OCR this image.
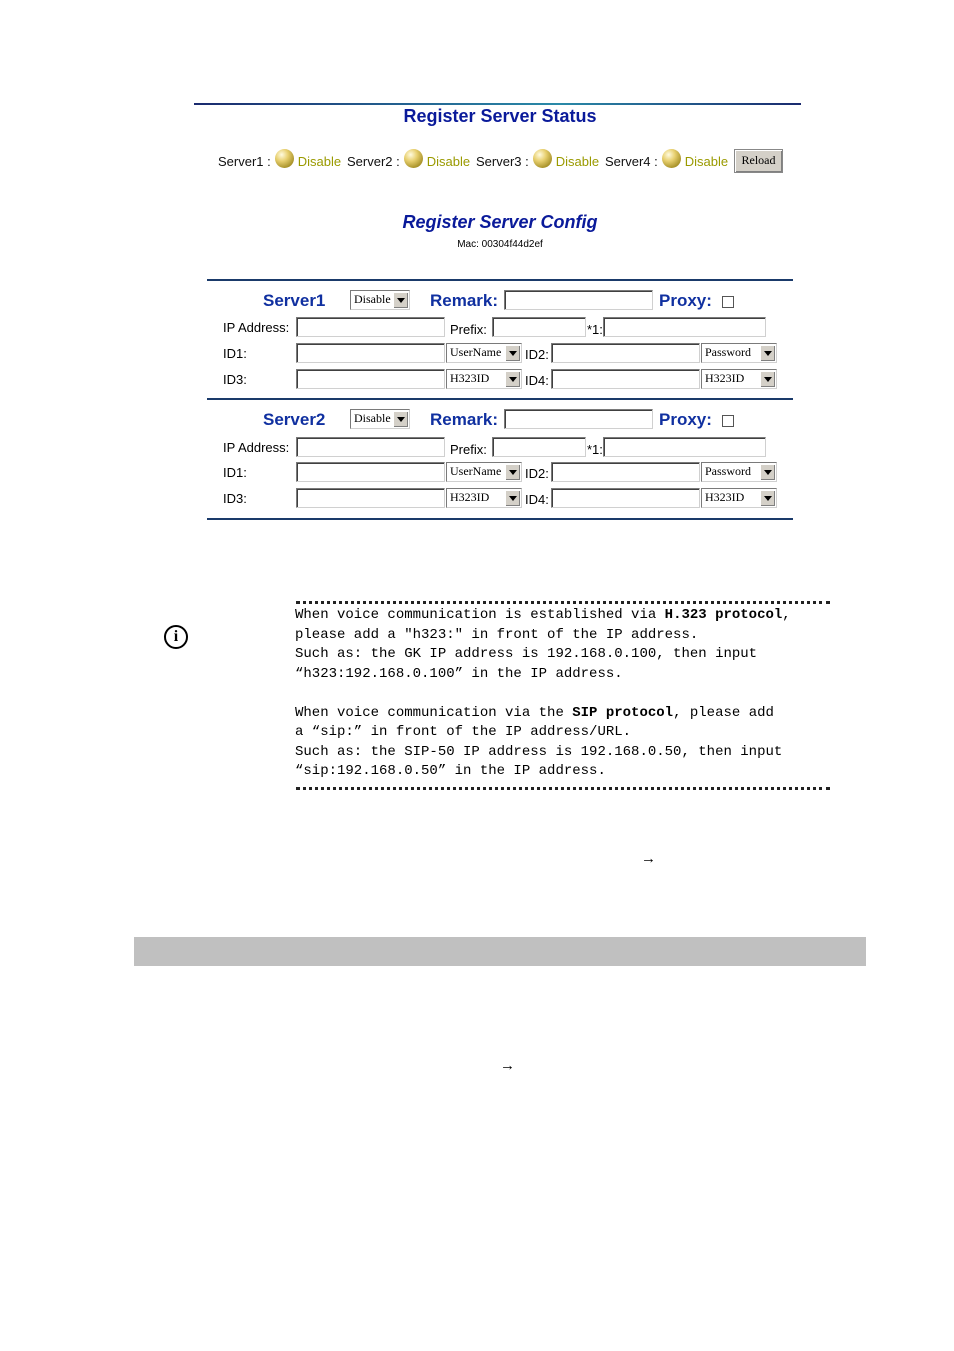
Register Server Status
Server1 : Disable Server2 : Disable Server3 : Disable Server4 : Disable	Reload
Register Server Config
Mac: 00304f44d2ef
Server1	Disable	Remark:	Proxy:
IP Address:	Prefix:	*1:
ID1:	UserName	ID2:	Password
ID3:	H323ID	ID4:	H323ID
Server2	Disable	Remark:	Proxy:
IP Address:	Prefix:	*1:
ID1:	UserName	ID2:	Password
ID3:	H323ID	ID4:	H323ID
i
When voice communication is established via H.323 protocol,
please add a "h323:" in front of the IP address.
Such as: the GK IP address is 192.168.0.100, then input
“h323:192.168.0.100” in the IP address.

When voice communication via the SIP protocol, please add
a “sip:” in front of the IP address/URL.
Such as: the SIP-50 IP address is 192.168.0.50, then input
“sip:192.168.0.50” in the IP address.
→
→
